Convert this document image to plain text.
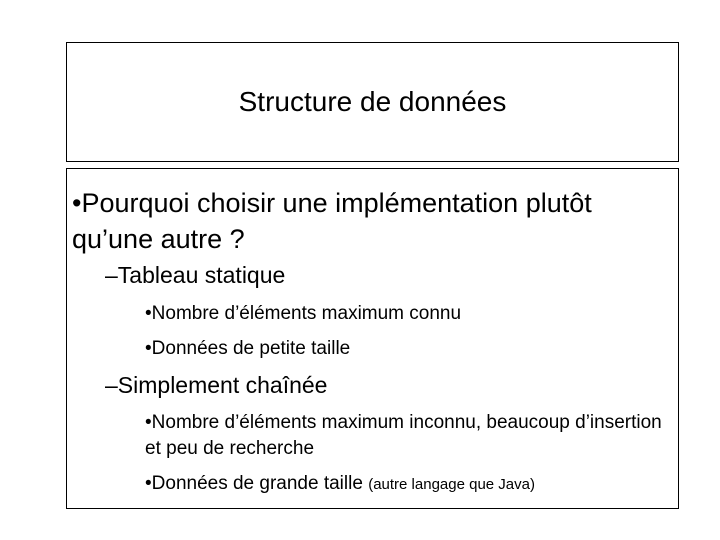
Structure de données
•Pourquoi choisir une implémentation plutôt qu’une autre ?
–Tableau statique
•Nombre d’éléments maximum connu
•Données de petite taille
–Simplement chaînée
•Nombre d’éléments maximum inconnu, beaucoup d’insertion et peu de recherche
•Données de grande taille (autre langage que Java)
